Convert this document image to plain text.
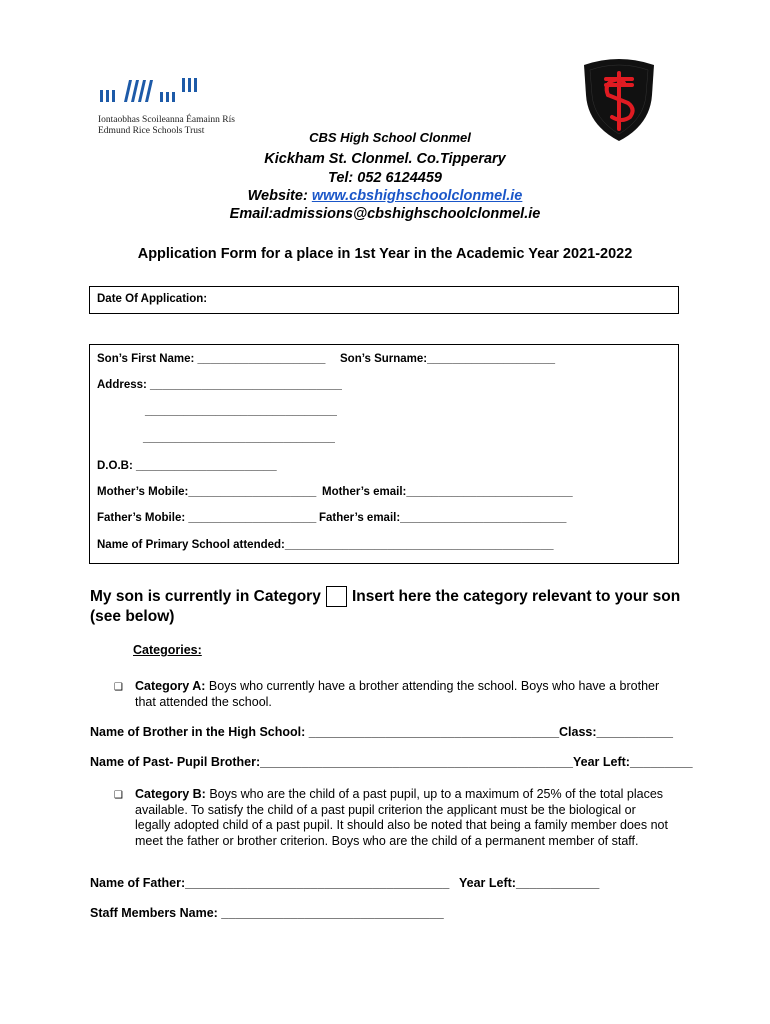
Iontaobhas Scoileanna Éamainn Rís
Edmund Rice Schools Trust	CBS High School Clonmel
Kickham St. Clonmel. Co.Tipperary
Tel: 052 6124459
Website: www.cbshighschoolclonmel.ie
Email:admissions@cbshighschoolclonmel.ie
Application Form for a place in 1st Year in the Academic Year 2021-2022
Date Of Application:
Son’s First Name: ____________________ Son’s Surname:____________________
Address: ______________________________
______________________________
______________________________
D.O.B: ______________________
Mother’s Mobile:____________________ Mother’s email:__________________________
Father’s Mobile: ____________________ Father’s email:__________________________
Name of Primary School attended:__________________________________________
My son is currently in Category Insert here the category relevant to your son
(see below)
Categories:
❑ Category A: Boys who currently have a brother attending the school. Boys who have a brother
that attended the school.
Name of Brother in the High School: ____________________________________Class:___________
Name of Past- Pupil Brother:_____________________________________________Year Left:_________
❑ Category B: Boys who are the child of a past pupil, up to a maximum of 25% of the total places
available. To satisfy the child of a past pupil criterion the applicant must be the biological or
legally adopted child of a past pupil. It should also be noted that being a family member does not
meet the father or brother criterion. Boys who are the child of a permanent member of staff.
Name of Father:______________________________________ Year Left:____________
Staff Members Name: ________________________________
